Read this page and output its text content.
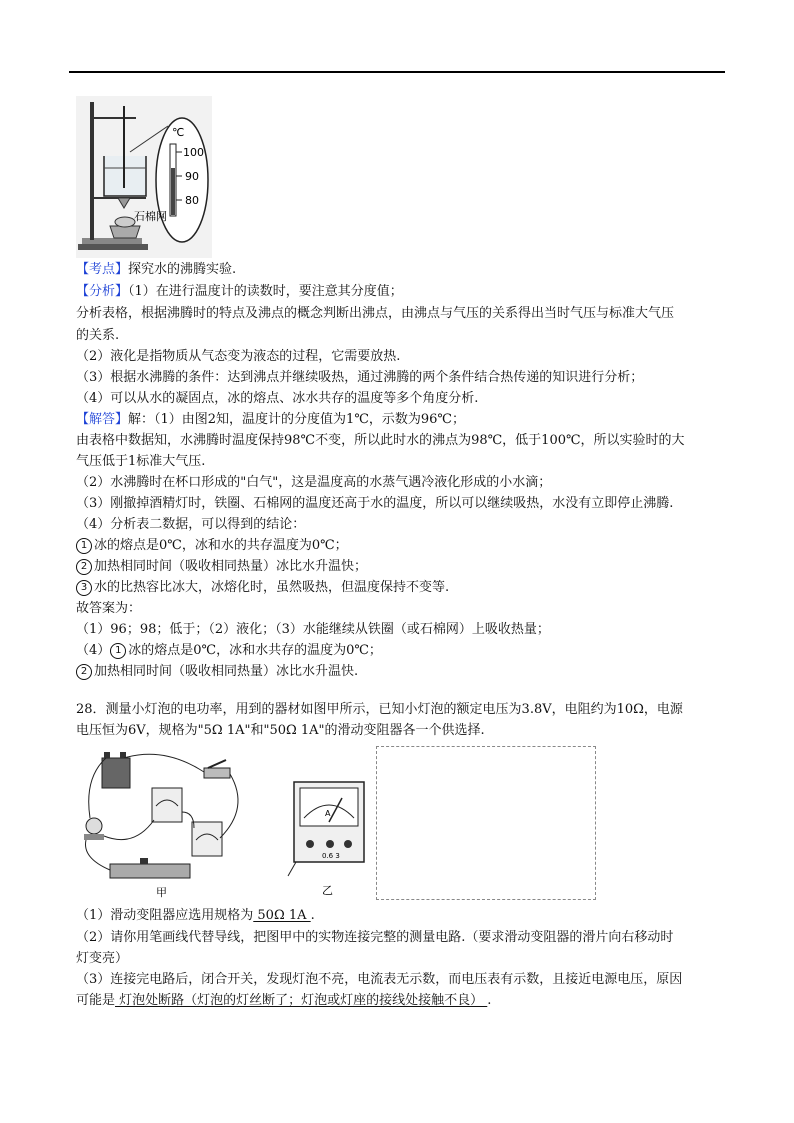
℃
100
90
80
石棉网
【考点】探究水的沸腾实验.
【分析】（1）在进行温度计的读数时，要注意其分度值；
分析表格，根据沸腾时的特点及沸点的概念判断出沸点，由沸点与气压的关系得出当时气压与标准大气压
的关系.
（2）液化是指物质从气态变为液态的过程，它需要放热.
（3）根据水沸腾的条件：达到沸点并继续吸热，通过沸腾的两个条件结合热传递的知识进行分析；
（4）可以从水的凝固点，冰的熔点、冰水共存的温度等多个角度分析.
【解答】解：（1）由图2知，温度计的分度值为1℃，示数为96℃；
由表格中数据知，水沸腾时温度保持98℃不变，所以此时水的沸点为98℃，低于100℃，所以实验时的大
气压低于1标准大气压.
（2）水沸腾时在杯口形成的"白气"，这是温度高的水蒸气遇冷液化形成的小水滴；
（3）刚撤掉酒精灯时，铁圈、石棉网的温度还高于水的温度，所以可以继续吸热，水没有立即停止沸腾.
（4）分析表二数据，可以得到的结论：
1 冰的熔点是0℃，冰和水的共存温度为0℃；
2 加热相同时间（吸收相同热量）冰比水升温快；
3 水的比热容比冰大，冰熔化时，虽然吸热，但温度保持不变等.
故答案为：
（1）96；98；低于；（2）液化；（3）水能继续从铁圈（或石棉网）上吸收热量；
（4） 1 冰的熔点是0℃，冰和水共存的温度为0℃；
2 加热相同时间（吸收相同热量）冰比水升温快.
28．测量小灯泡的电功率，用到的器材如图甲所示，已知小灯泡的额定电压为3.8V，电阻约为10Ω，电源
电压恒为6V，规格为"5Ω 1A"和"50Ω 1A"的滑动变阻器各一个供选择.
甲
A
0.6 3
乙
（1）滑动变阻器应选用规格为 50Ω 1A .
（2）请你用笔画线代替导线，把图甲中的实物连接完整的测量电路.（要求滑动变阻器的滑片向右移动时
灯变亮）
（3）连接完电路后，闭合开关，发现灯泡不亮，电流表无示数，而电压表有示数，且接近电源电压，原因
可能是 灯泡处断路（灯泡的灯丝断了；灯泡或灯座的接线处接触不良） .
